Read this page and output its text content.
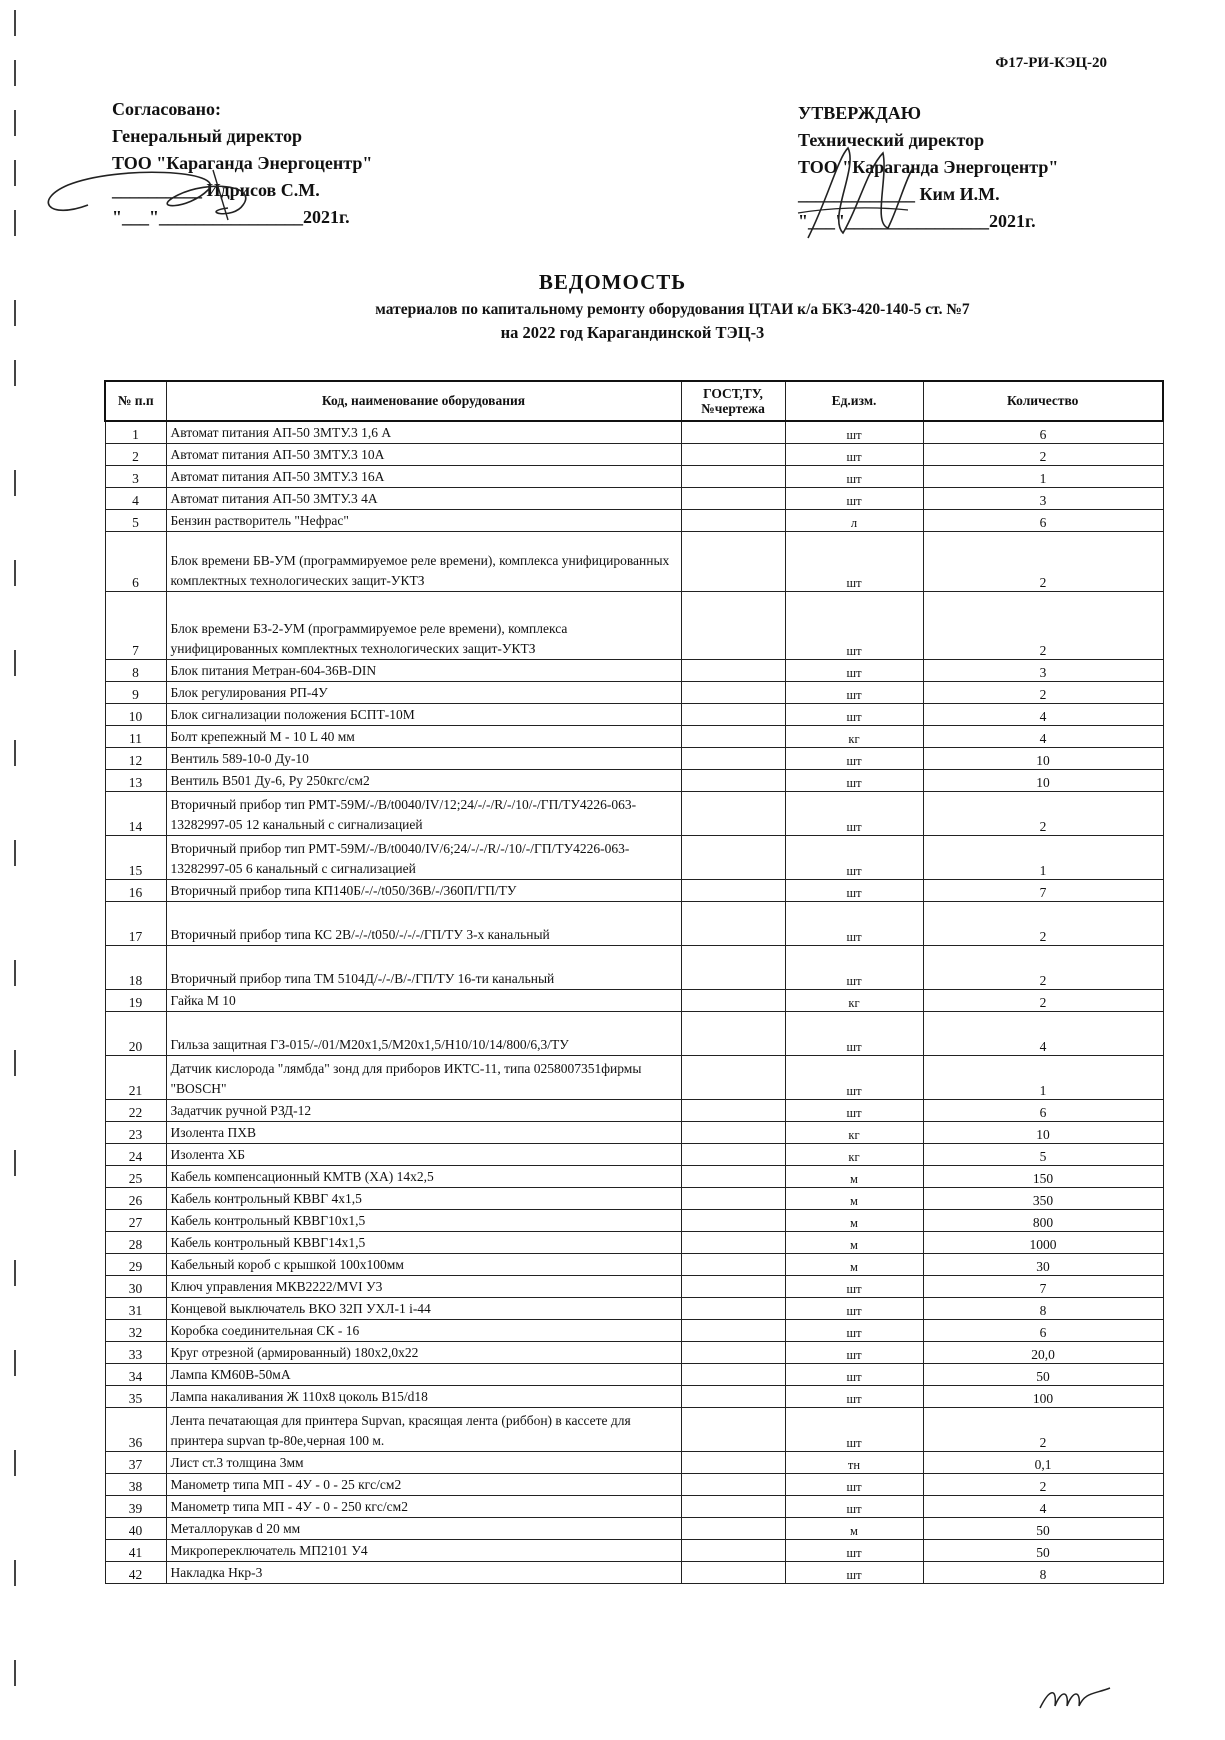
Ф17-РИ-КЭЦ-20
Согласовано:
Генеральный директор
ТОО "Караганда Энергоцентр"
__________ Идрисов С.М.
"___"________________2021г.
УТВЕРЖДАЮ
Технический директор
ТОО "Караганда Энергоцентр"
_____________ Ким И.М.
"___"________________2021г.
ВЕДОМОСТЬ
материалов по капитальному ремонту оборудования ЦТАИ к/а БКЗ-420-140-5 ст. №7
на 2022 год Карагандинской ТЭЦ-3
№ п.п	Код, наименование оборудования	ГОСТ,ТУ,
№чертежа	Ед.изм.	Количество
1	Автомат питания АП-50 3МТУ.3 1,6 А		шт	6
2	Автомат питания АП-50 3МТУ.3 10А		шт	2
3	Автомат питания АП-50 3МТУ.3 16А		шт	1
4	Автомат питания АП-50 3МТУ.3 4А		шт	3
5	Бензин растворитель "Нефрас"		л	6
6	Блок времени БВ-УМ (программируемое реле времени), комплекса унифицированных комплектных технологических защит-УКТЗ		шт	2
7	Блок времени БЗ-2-УМ (программируемое реле времени), комплекса унифицированных комплектных технологических защит-УКТЗ		шт	2
8	Блок питания Метран-604-36В-DIN		шт	3
9	Блок регулирования РП-4У		шт	2
10	Блок сигнализации положения БСПТ-10М		шт	4
11	Болт крепежный М - 10 L 40 мм		кг	4
12	Вентиль 589-10-0 Ду-10		шт	10
13	Вентиль В501 Ду-6, Ру 250кгс/см2		шт	10
14	Вторичный прибор тип РМТ-59М/-/В/t0040/IV/12;24/-/-/R/-/10/-/ГП/ТУ4226-063-13282997-05 12 канальный с сигнализацией		шт	2
15	Вторичный прибор тип РМТ-59М/-/В/t0040/IV/6;24/-/-/R/-/10/-/ГП/ТУ4226-063-13282997-05 6 канальный с сигнализацией		шт	1
16	Вторичный прибор типа КП140Б/-/-/t050/36В/-/360П/ГП/ТУ		шт	7
17	Вторичный прибор типа КС 2В/-/-/t050/-/-/-/ГП/ТУ 3-х канальный		шт	2
18	Вторичный прибор типа ТМ 5104Д/-/-/В/-/ГП/ТУ 16-ти канальный		шт	2
19	Гайка М 10		кг	2
20	Гильза защитная ГЗ-015/-/01/М20х1,5/М20х1,5/Н10/10/14/800/6,3/ТУ		шт	4
21	Датчик кислорода "лямбда" зонд для приборов ИКТС-11, типа 0258007351фирмы "BOSCH"		шт	1
22	Задатчик ручной РЗД-12		шт	6
23	Изолента ПХВ		кг	10
24	Изолента ХБ		кг	5
25	Кабель компенсационный КМТВ (ХА) 14х2,5		м	150
26	Кабель контрольный КВВГ 4х1,5		м	350
27	Кабель контрольный КВВГ10х1,5		м	800
28	Кабель контрольный КВВГ14х1,5		м	1000
29	Кабельный короб с крышкой 100х100мм		м	30
30	Ключ управления МКВ2222/MVI У3		шт	7
31	Концевой выключатель ВКО 32П УХЛ-1 i-44		шт	8
32	Коробка соединительная СК - 16		шт	6
33	Круг отрезной (армированный) 180х2,0х22		шт	20,0
34	Лампа КМ60В-50мА		шт	50
35	Лампа накаливания Ж 110х8 цоколь В15/d18		шт	100
36	Лента печатающая для принтера Supvan, красящая лента (риббон) в кассете для принтера supvan tp-80е,черная 100 м.		шт	2
37	Лист ст.3 толщина 3мм		тн	0,1
38	Манометр типа МП - 4У - 0 - 25 кгс/см2		шт	2
39	Манометр типа МП - 4У - 0 - 250 кгс/см2		шт	4
40	Металлорукав d 20 мм		м	50
41	Микропереключатель МП2101 У4		шт	50
42	Накладка Нкр-3		шт	8
